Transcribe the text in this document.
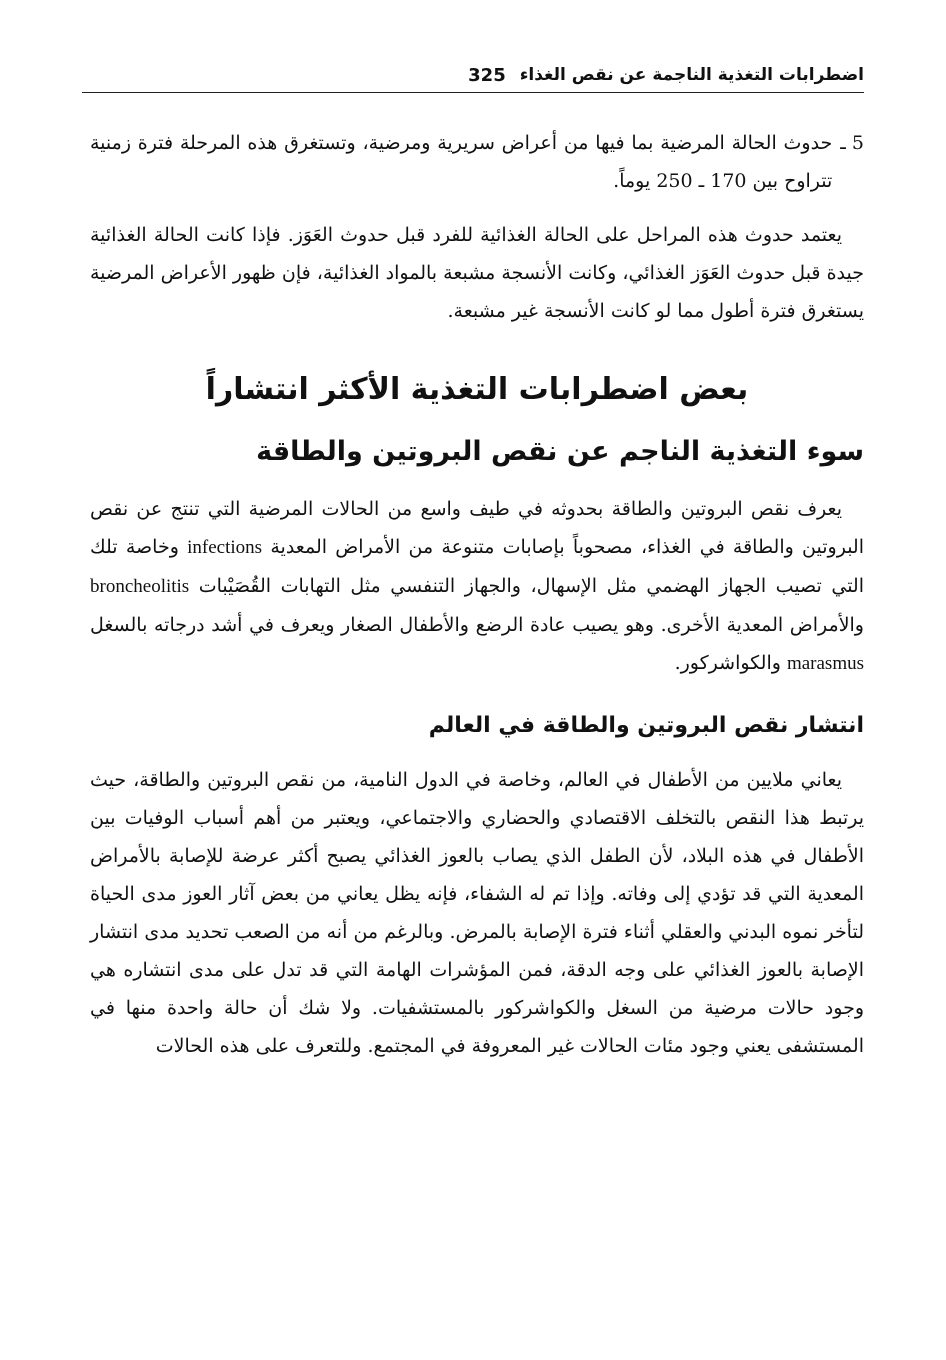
اضطرابات التغذية الناجمة عن نقص الغذاء
325
5 ـ
حدوث الحالة المرضية بما فيها من أعراض سريرية ومرضية، وتستغرق هذه المرحلة فترة زمنية تتراوح بين 170 ـ 250 يوماً.

يعتمد حدوث هذه المراحل على الحالة الغذائية للفرد قبل حدوث العَوَز. فإذا كانت الحالة الغذائية جيدة قبل حدوث العَوَز الغذائي، وكانت الأنسجة مشبعة بالمواد الغذائية، فإن ظهور الأعراض المرضية يستغرق فترة أطول مما لو كانت الأنسجة غير مشبعة.

بعض اضطرابات التغذية الأكثر انتشاراً
سوء التغذية الناجم عن نقص البروتين والطاقة

يعرف نقص البروتين والطاقة بحدوثه في طيف واسع من الحالات المرضية التي تنتج عن نقص البروتين والطاقة في الغذاء، مصحوباً بإصابات متنوعة من الأمراض المعدية infections وخاصة تلك التي تصيب الجهاز الهضمي مثل الإسهال، والجهاز التنفسي مثل التهابات القُصَيْبات broncheolitis والأمراض المعدية الأخرى. وهو يصيب عادة الرضع والأطفال الصغار ويعرف في أشد درجاته بالسغل marasmus والكواشركور.

انتشار نقص البروتين والطاقة في العالم

يعاني ملايين من الأطفال في العالم، وخاصة في الدول النامية، من نقص البروتين والطاقة، حيث يرتبط هذا النقص بالتخلف الاقتصادي والحضاري والاجتماعي، ويعتبر من أهم أسباب الوفيات بين الأطفال في هذه البلاد، لأن الطفل الذي يصاب بالعوز الغذائي يصبح أكثر عرضة للإصابة بالأمراض المعدية التي قد تؤدي إلى وفاته. وإذا تم له الشفاء، فإنه يظل يعاني من بعض آثار العوز مدى الحياة لتأخر نموه البدني والعقلي أثناء فترة الإصابة بالمرض. وبالرغم من أنه من الصعب تحديد مدى انتشار الإصابة بالعوز الغذائي على وجه الدقة، فمن المؤشرات الهامة التي قد تدل على مدى انتشاره هي وجود حالات مرضية من السغل والكواشركور بالمستشفيات. ولا شك أن حالة واحدة منها في المستشفى يعني وجود مئات الحالات غير المعروفة في المجتمع. وللتعرف على هذه الحالات
